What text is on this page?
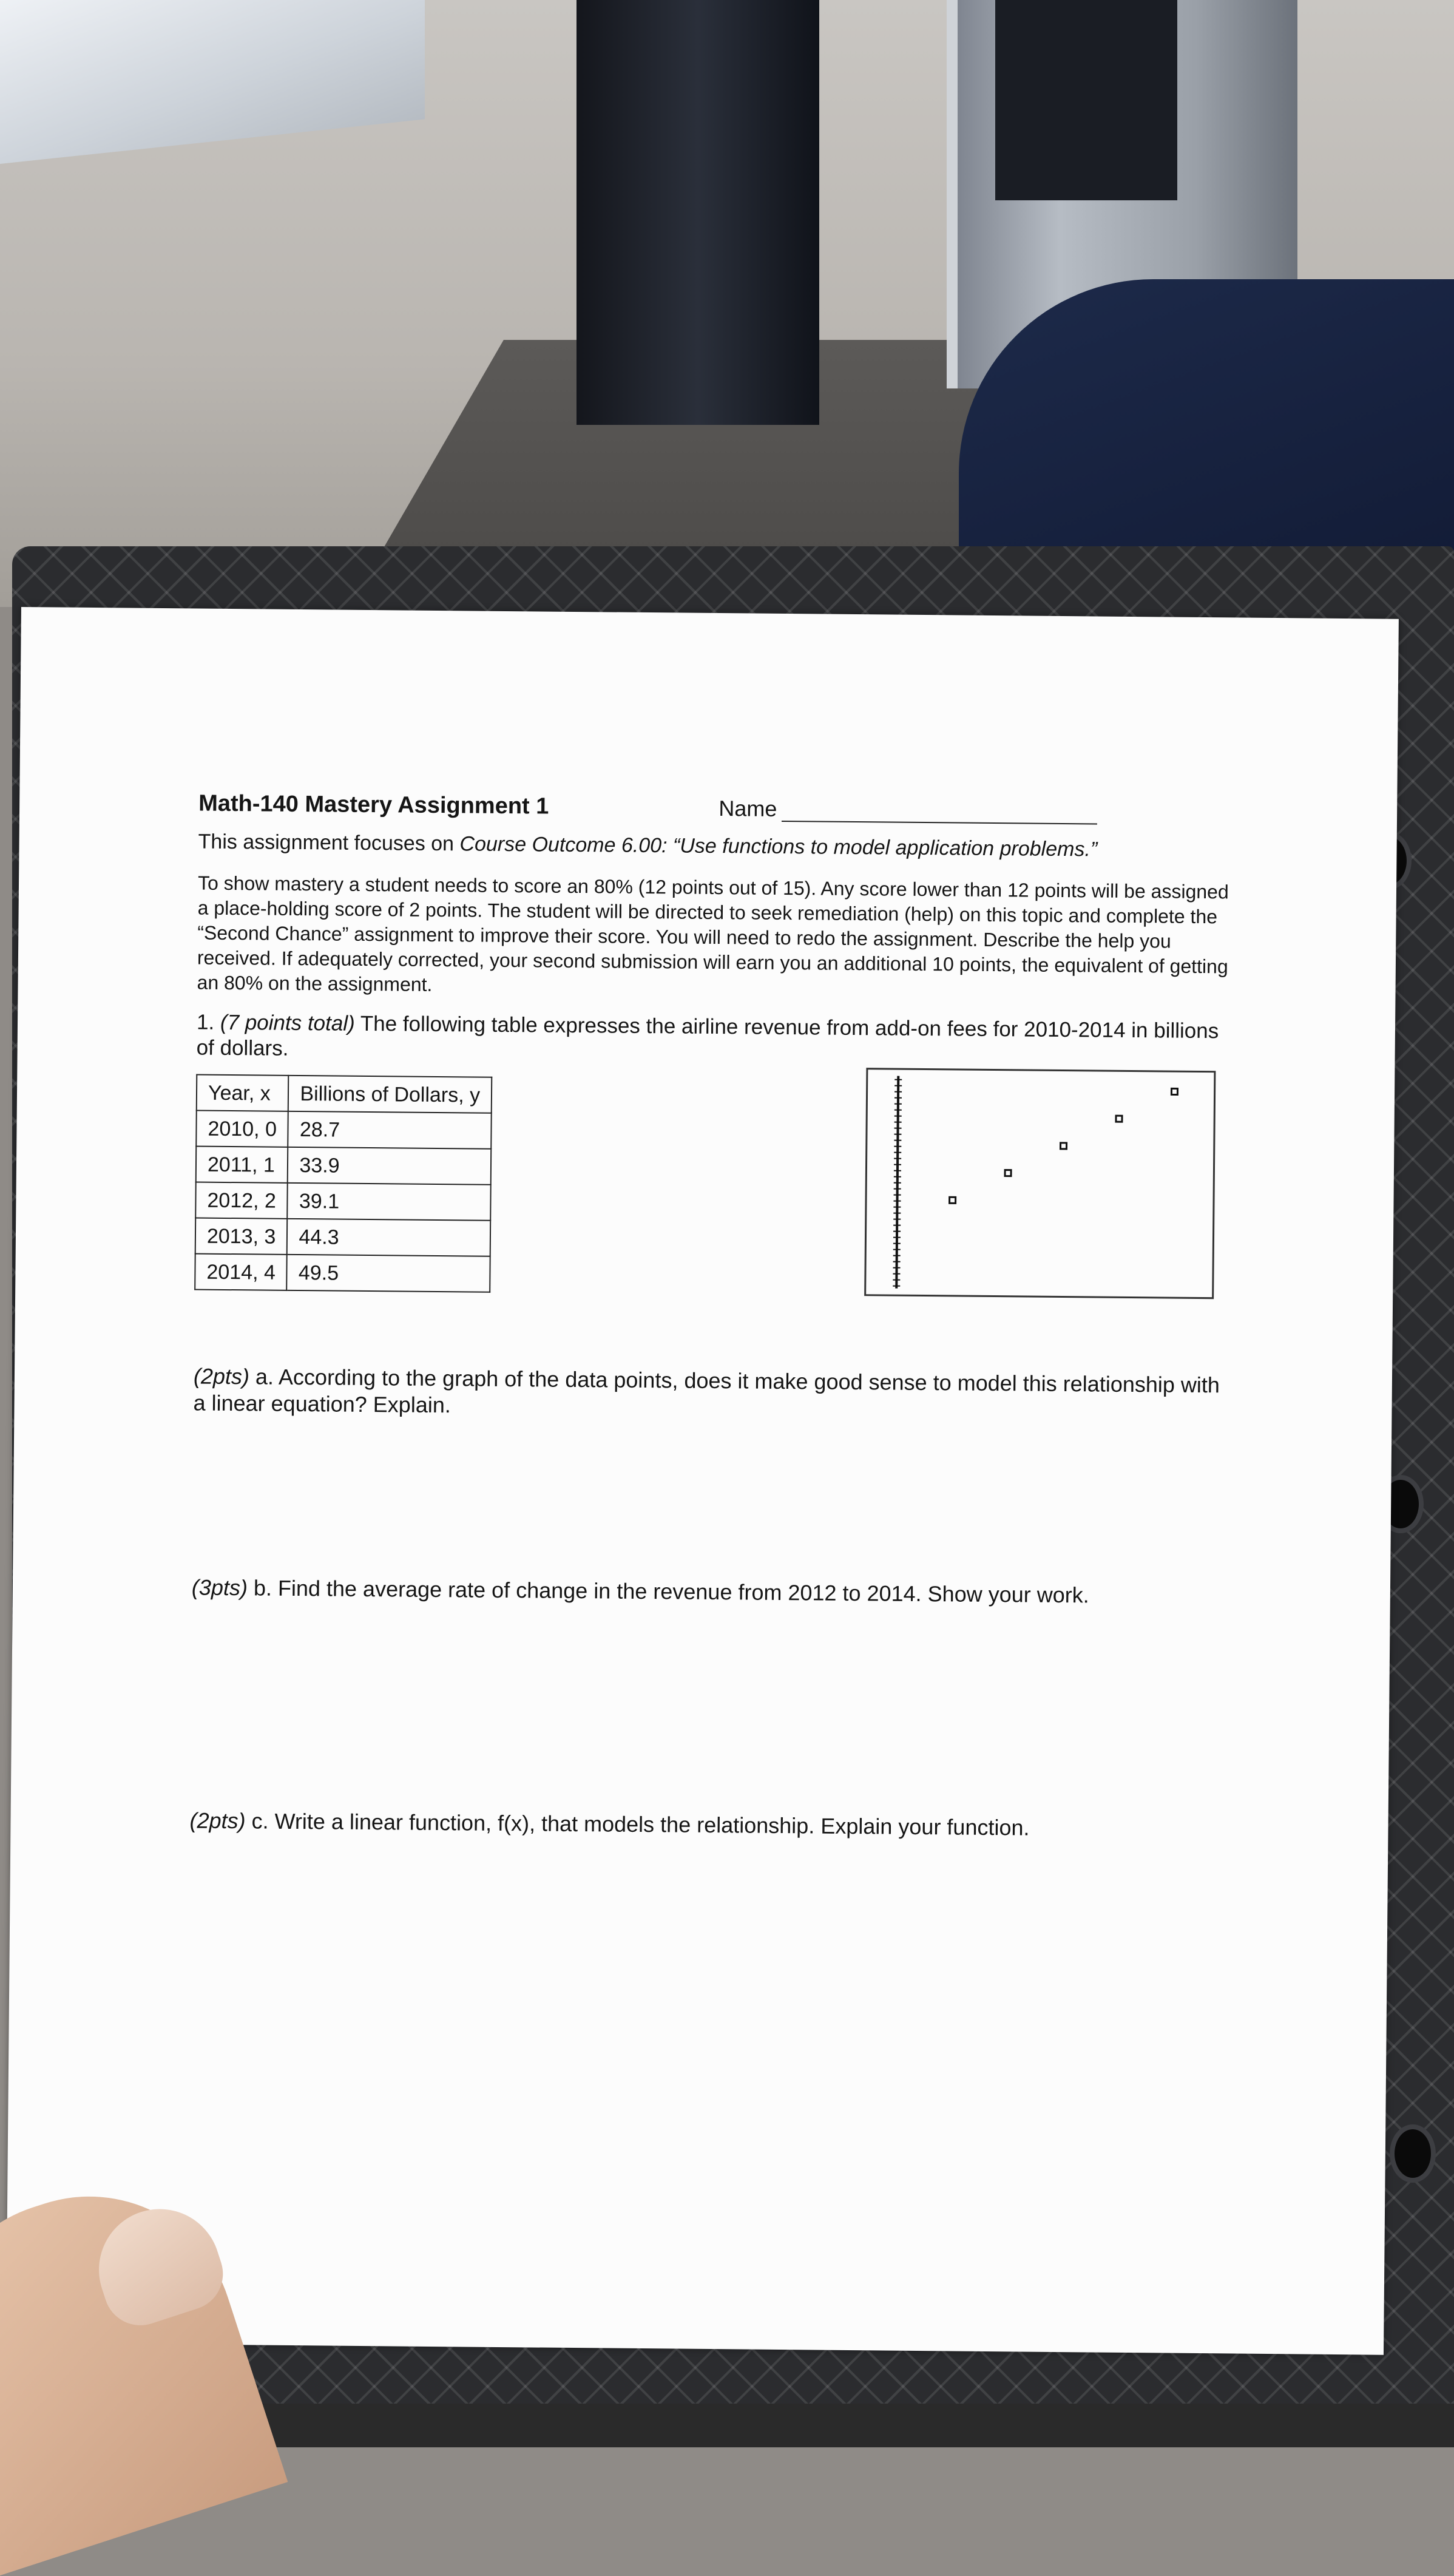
Math-140 Mastery Assignment 1	Name

This assignment focuses on Course Outcome 6.00: “Use functions to model application problems.”

To show mastery a student needs to score an 80% (12 points out of 15). Any score lower than 12 points will be assigned a place-holding score of 2 points. The student will be directed to seek remediation (help) on this topic and complete the “Second Chance” assignment to improve their score. You will need to redo the assignment. Describe the help you received. If adequately corrected, your second submission will earn you an additional 10 points, the equivalent of getting an 80% on the assignment.

1. (7 points total) The following table expresses the airline revenue from add-on fees for 2010-2014 in billions of dollars.

Year, x	Billions of Dollars, y
2010, 0	28.7
2011, 1	33.9
2012, 2	39.1
2013, 3	44.3
2014, 4	49.5

(2pts) a. According to the graph of the data points, does it make good sense to model this relationship with a linear equation? Explain.

(3pts) b. Find the average rate of change in the revenue from 2012 to 2014. Show your work.

(2pts) c. Write a linear function, f(x), that models the relationship. Explain your function.
